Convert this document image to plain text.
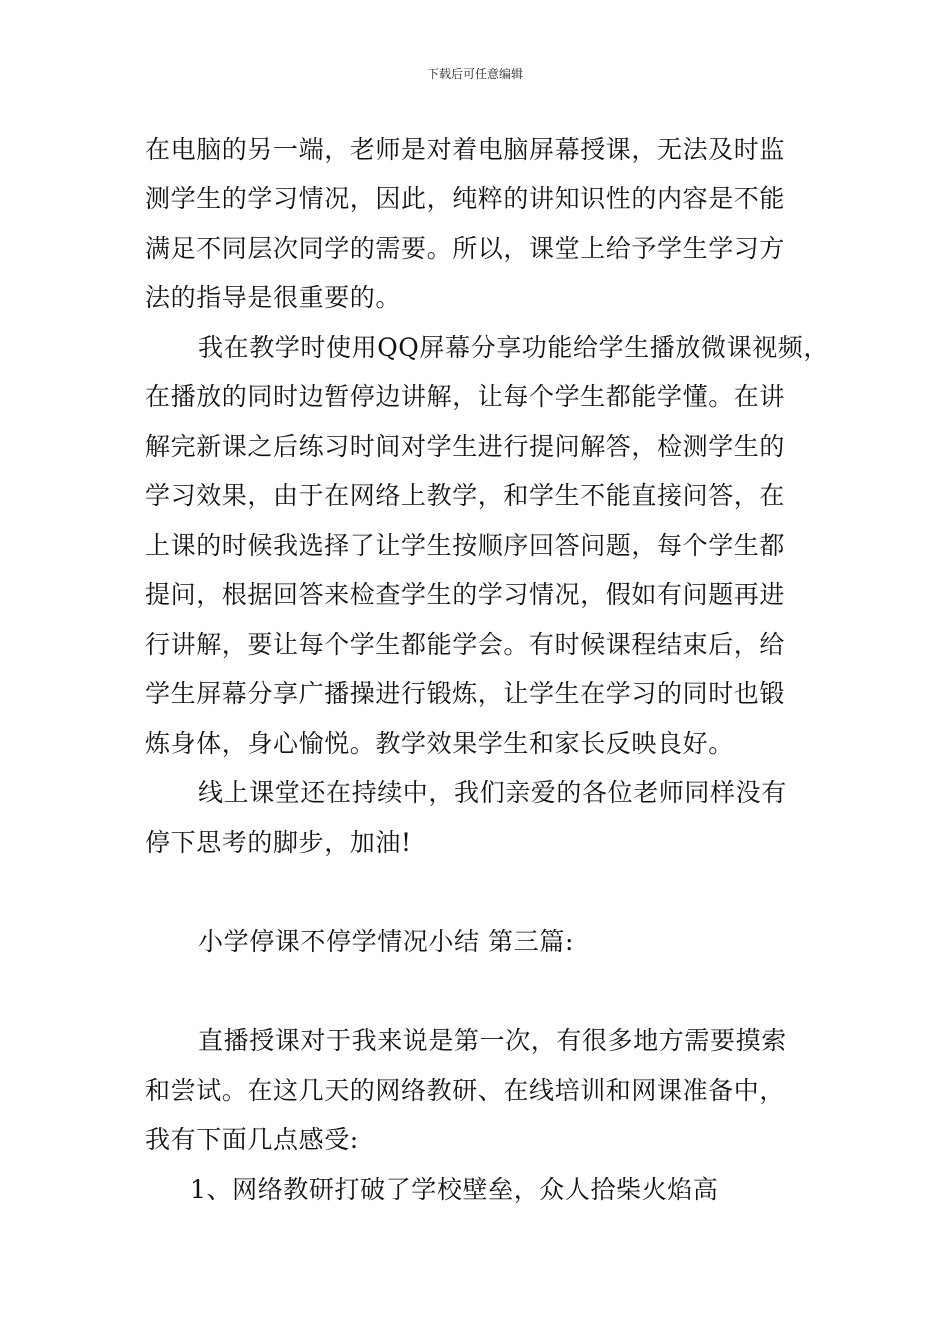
下载后可任意编辑
在电脑的另一端，老师是对着电脑屏幕授课，无法及时监
测学生的学习情况，因此，纯粹的讲知识性的内容是不能
满足不同层次同学的需要。所以，课堂上给予学生学习方
法的指导是很重要的。
我在教学时使用QQ屏幕分享功能给学生播放微课视频，
在播放的同时边暂停边讲解，让每个学生都能学懂。在讲
解完新课之后练习时间对学生进行提问解答，检测学生的
学习效果，由于在网络上教学，和学生不能直接问答，在
上课的时候我选择了让学生按顺序回答问题，每个学生都
提问，根据回答来检查学生的学习情况，假如有问题再进
行讲解，要让每个学生都能学会。有时候课程结束后，给
学生屏幕分享广播操进行锻炼，让学生在学习的同时也锻
炼身体，身心愉悦。教学效果学生和家长反映良好。
线上课堂还在持续中，我们亲爱的各位老师同样没有
停下思考的脚步，加油!
小学停课不停学情况小结 第三篇:
直播授课对于我来说是第一次，有很多地方需要摸索
和尝试。在这几天的网络教研、在线培训和网课准备中，
我有下面几点感受:
1、网络教研打破了学校壁垒，众人拾柴火焰高
